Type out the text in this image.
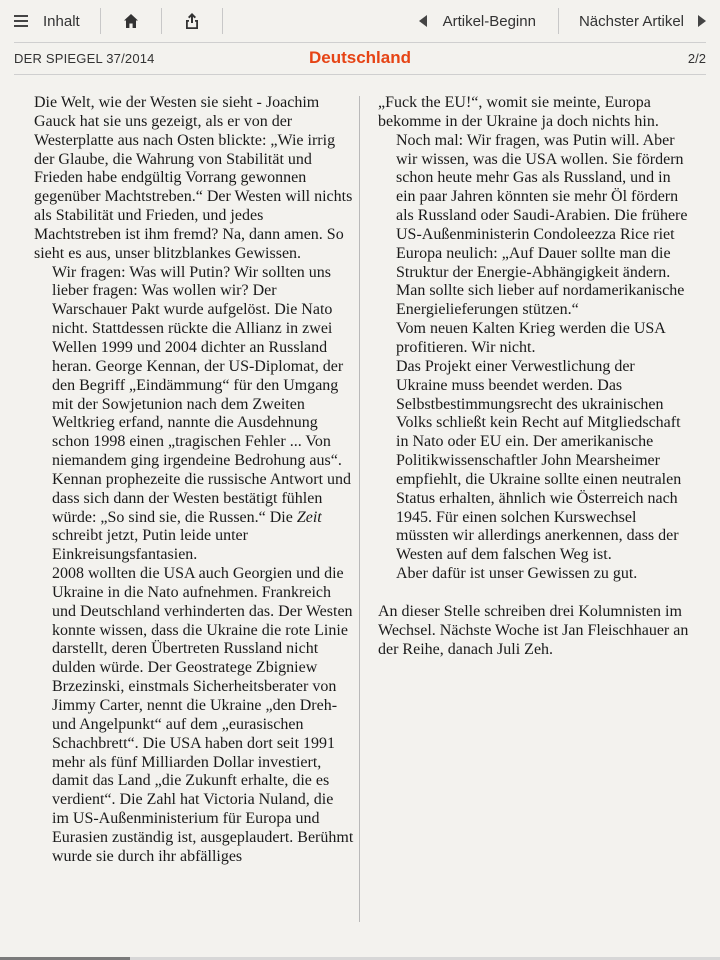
Inhalt	Artikel-Beginn	Nächster Artikel
DER SPIEGEL 37/2014	Deutschland	2/2

Die Welt, wie der Westen sie sieht - Joachim Gauck hat sie uns gezeigt, als er von der Westerplatte aus nach Osten blickte: „Wie irrig der Glaube, die Wahrung von Stabilität und Frieden habe endgültig Vorrang gewonnen gegenüber Machtstreben.“ Der Westen will nichts als Stabilität und Frieden, und jedes Machtstreben ist ihm fremd? Na, dann amen. So sieht es aus, unser blitzblankes Gewissen.

Wir fragen: Was will Putin? Wir sollten uns lieber fragen: Was wollen wir? Der Warschauer Pakt wurde aufgelöst. Die Nato nicht. Stattdessen rückte die Allianz in zwei Wellen 1999 und 2004 dichter an Russland heran. George Kennan, der US-Diplomat, der den Begriff „Eindämmung“ für den Umgang mit der Sowjetunion nach dem Zweiten Weltkrieg erfand, nannte die Ausdehnung schon 1998 einen „tragischen Fehler ... Von niemandem ging irgendeine Bedrohung aus“. Kennan prophezeite die russische Antwort und dass sich dann der Westen bestätigt fühlen würde: „So sind sie, die Russen.“ Die Zeit schreibt jetzt, Putin leide unter Einkreisungsfantasien.

2008 wollten die USA auch Georgien und die Ukraine in die Nato aufnehmen. Frankreich und Deutschland verhinderten das. Der Westen konnte wissen, dass die Ukraine die rote Linie darstellt, deren Übertreten Russland nicht dulden würde. Der Geostratege Zbigniew Brzezinski, einstmals Sicherheitsberater von Jimmy Carter, nennt die Ukraine „den Dreh- und Angelpunkt“ auf dem „eurasischen Schachbrett“. Die USA haben dort seit 1991 mehr als fünf Milliarden Dollar investiert, damit das Land „die Zukunft erhalte, die es verdient“. Die Zahl hat Victoria Nuland, die im US-Außenministerium für Europa und Eurasien zuständig ist, ausgeplaudert. Berühmt wurde sie durch ihr abfälliges

„Fuck the EU!“, womit sie meinte, Europa bekomme in der Ukraine ja doch nichts hin.

Noch mal: Wir fragen, was Putin will. Aber wir wissen, was die USA wollen. Sie fördern schon heute mehr Gas als Russland, und in ein paar Jahren könnten sie mehr Öl fördern als Russland oder Saudi-Arabien. Die frühere US-Außenministerin Condoleezza Rice riet Europa neulich: „Auf Dauer sollte man die Struktur der Energie-Abhängigkeit ändern. Man sollte sich lieber auf nordamerikanische Energielieferungen stützen.“

Vom neuen Kalten Krieg werden die USA profitieren. Wir nicht.

Das Projekt einer Verwestlichung der Ukraine muss beendet werden. Das Selbstbestimmungsrecht des ukrainischen Volks schließt kein Recht auf Mitgliedschaft in Nato oder EU ein. Der amerikanische Politikwissenschaftler John Mearsheimer empfiehlt, die Ukraine sollte einen neutralen Status erhalten, ähnlich wie Österreich nach 1945. Für einen solchen Kurswechsel müssten wir allerdings anerkennen, dass der Westen auf dem falschen Weg ist.

Aber dafür ist unser Gewissen zu gut.

An dieser Stelle schreiben drei Kolumnisten im Wechsel. Nächste Woche ist Jan Fleischhauer an der Reihe, danach Juli Zeh.
